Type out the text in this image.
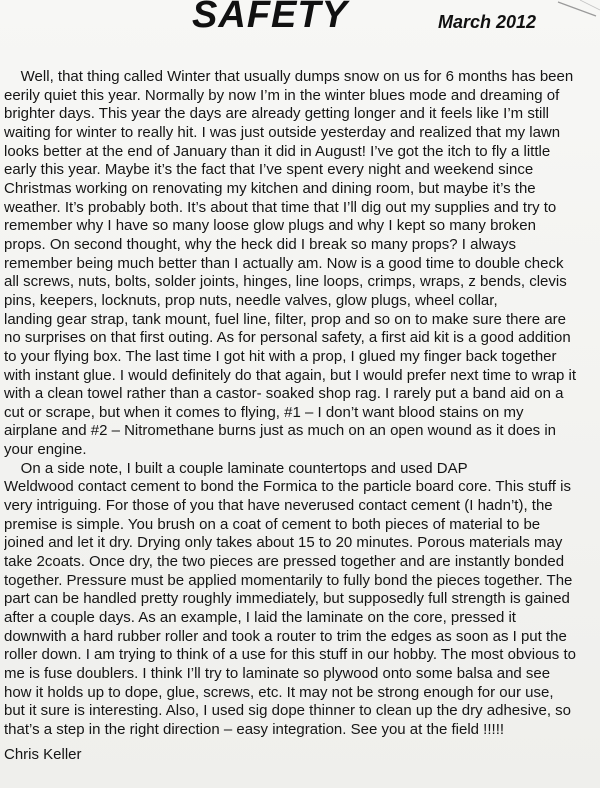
SAFETY	March 2012

Well, that thing called Winter that usually dumps snow on us for 6 months has been
eerily quiet this year. Normally by now I’m in the winter blues mode and dreaming of
brighter days. This year the days are already getting longer and it feels like I’m still
waiting for winter to really hit. I was just outside yesterday and realized that my lawn
looks better at the end of January than it did in August! I’ve got the itch to fly a little
early this year. Maybe it’s the fact that I’ve spent every night and weekend since
Christmas working on renovating my kitchen and dining room, but maybe it’s the
weather. It’s probably both. It’s about that time that I’ll dig out my supplies and try to
remember why I have so many loose glow plugs and why I kept so many broken
props. On second thought, why the heck did I break so many props? I always
remember being much better than I actually am. Now is a good time to double check
all screws, nuts, bolts, solder joints, hinges, line loops, crimps, wraps, z bends, clevis
pins, keepers, locknuts, prop nuts, needle valves, glow plugs, wheel collar,
landing gear strap, tank mount, fuel line, filter, prop and so on to make sure there are
no surprises on that first outing. As for personal safety, a first aid kit is a good addition
to your flying box. The last time I got hit with a prop, I glued my finger back together
with instant glue. I would definitely do that again, but I would prefer next time to wrap it
with a clean towel rather than a castor- soaked shop rag. I rarely put a band aid on a
cut or scrape, but when it comes to flying, #1 – I don’t want blood stains on my
airplane and #2 – Nitromethane burns just as much on an open wound as it does in
your engine.

On a side note, I built a couple laminate countertops and used DAP
Weldwood contact cement to bond the Formica to the particle board core. This stuff is
very intriguing. For those of you that have neverused contact cement (I hadn’t), the
premise is simple. You brush on a coat of cement to both pieces of material to be
joined and let it dry. Drying only takes about 15 to 20 minutes. Porous materials may
take 2coats. Once dry, the two pieces are pressed together and are instantly bonded
together. Pressure must be applied momentarily to fully bond the pieces together. The
part can be handled pretty roughly immediately, but supposedly full strength is gained
after a couple days. As an example, I laid the laminate on the core, pressed it
downwith a hard rubber roller and took a router to trim the edges as soon as I put the
roller down. I am trying to think of a use for this stuff in our hobby. The most obvious to
me is fuse doublers. I think I’ll try to laminate so plywood onto some balsa and see
how it holds up to dope, glue, screws, etc. It may not be strong enough for our use,
but it sure is interesting. Also, I used sig dope thinner to clean up the dry adhesive, so
that’s a step in the right direction – easy integration. See you at the field !!!!!

Chris Keller
